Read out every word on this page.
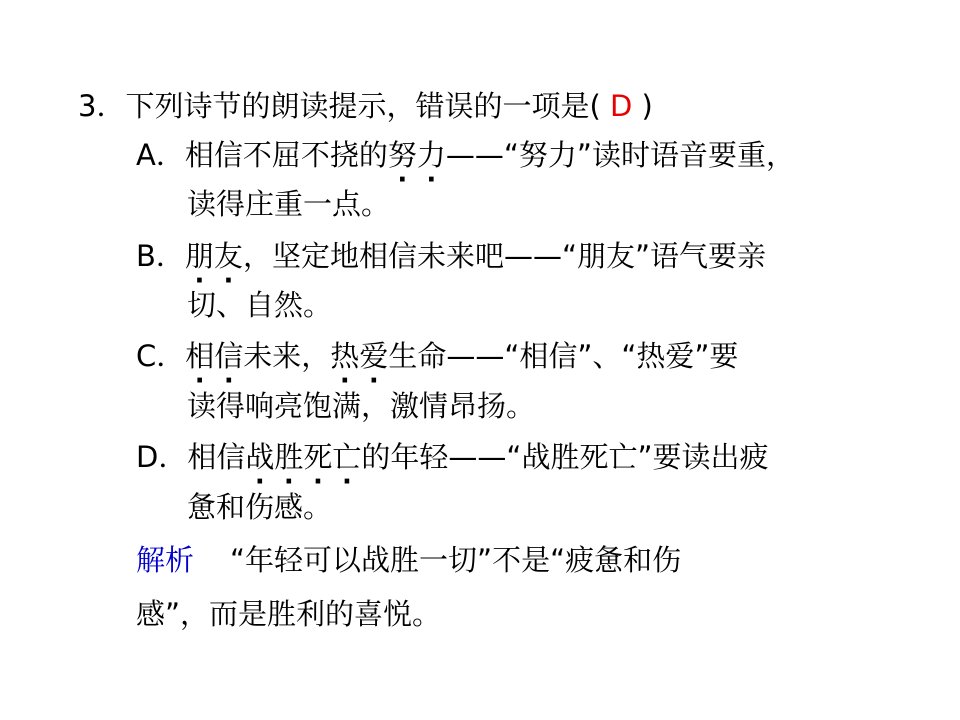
3．下列诗节的朗读提示，错误的一项是( D )
A．相信不屈不挠的努力——“努力”读时语音要重，
读得庄重一点。
B．朋友，坚定地相信未来吧——“朋友”语气要亲
切、自然。
C．相信未来，热爱生命——“相信”、“热爱”要
读得响亮饱满，激情昂扬。
D．相信战胜死亡的年轻——“战胜死亡”要读出疲
惫和伤感。
解析 “年轻可以战胜一切”不是“疲惫和伤
感”，而是胜利的喜悦。
